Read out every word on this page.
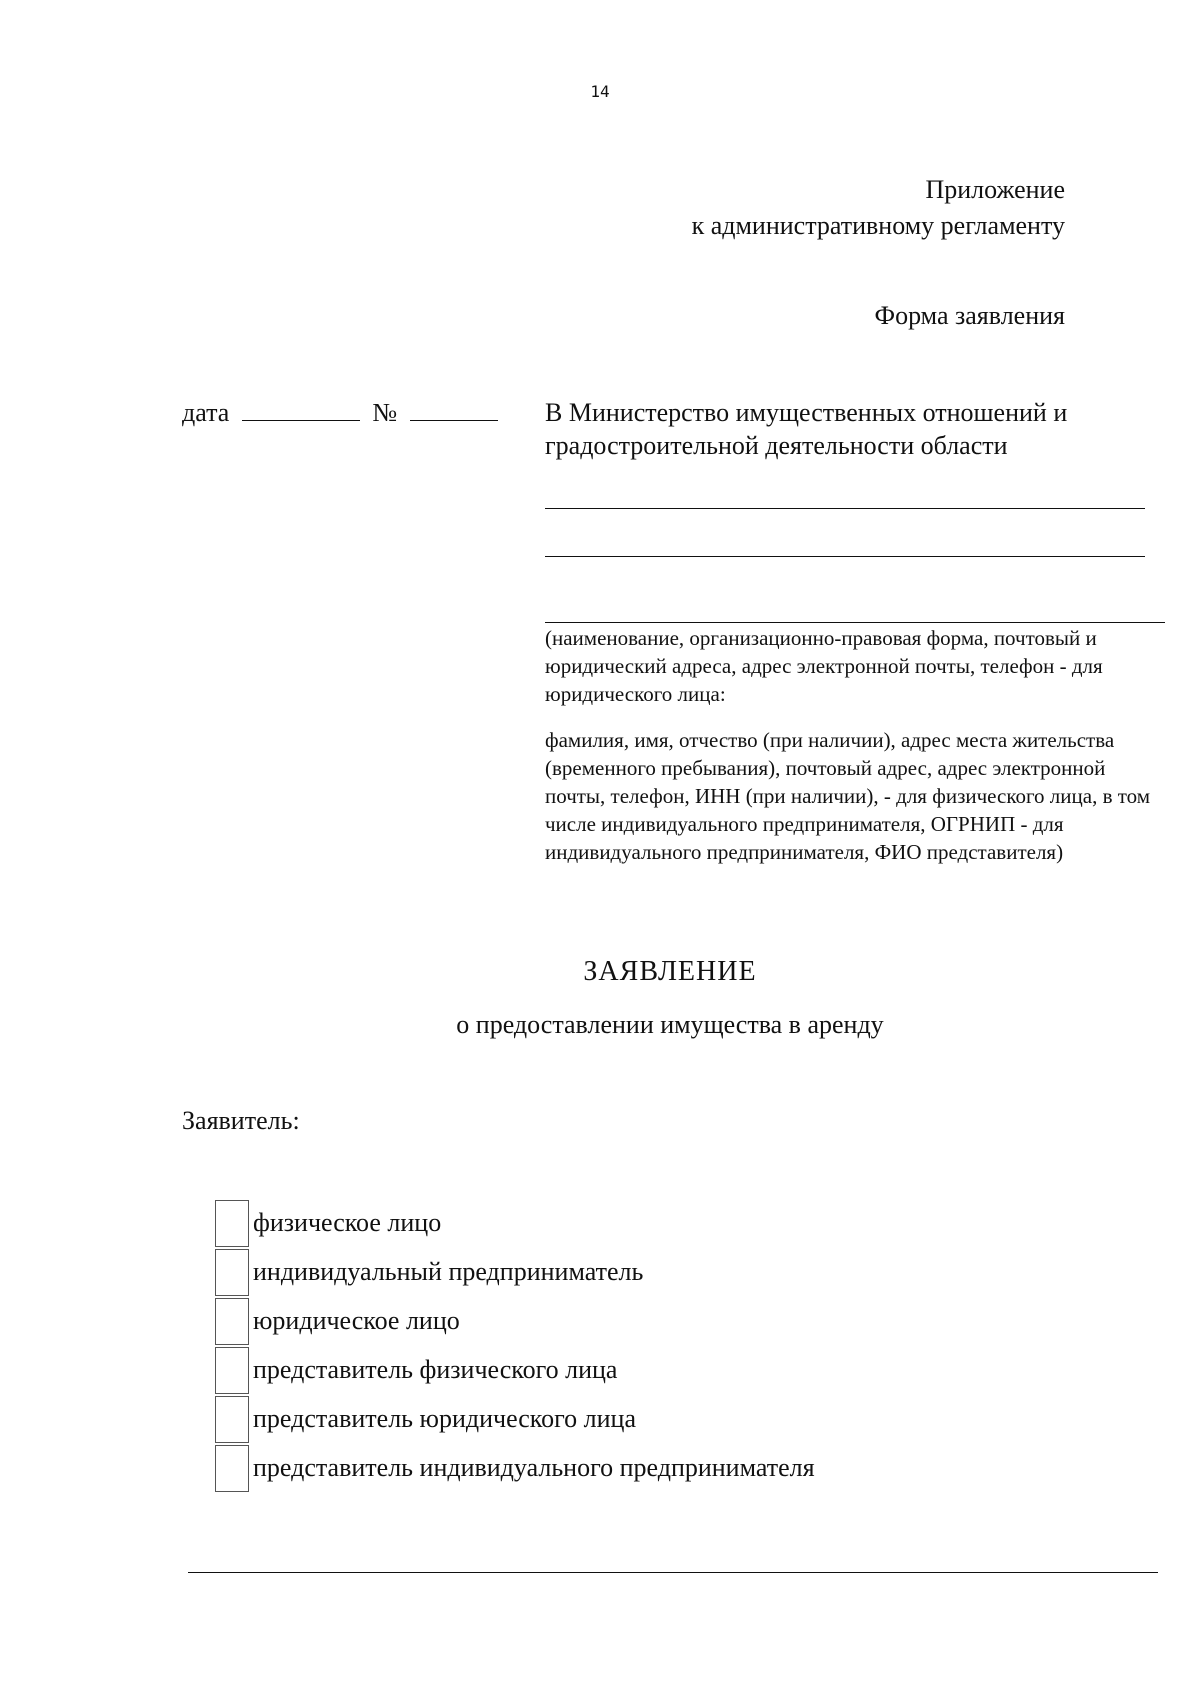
14
Приложение
к административному регламенту
Форма заявления
дата	№	В Министерство имущественных отношений и градостроительной деятельности области
(наименование, организационно-правовая форма, почтовый и юридический адреса, адрес электронной почты, телефон - для юридического лица:
фамилия, имя, отчество (при наличии), адрес места жительства (временного пребывания), почтовый адрес, адрес электронной почты, телефон, ИНН (при наличии), - для физического лица, в том числе индивидуального предпринимателя, ОГРНИП - для индивидуального предпринимателя, ФИО представителя)
ЗАЯВЛЕНИЕ
о предоставлении имущества в аренду
Заявитель:
физическое лицо
индивидуальный предприниматель
юридическое лицо
представитель физического лица
представитель юридического лица
представитель индивидуального предпринимателя
